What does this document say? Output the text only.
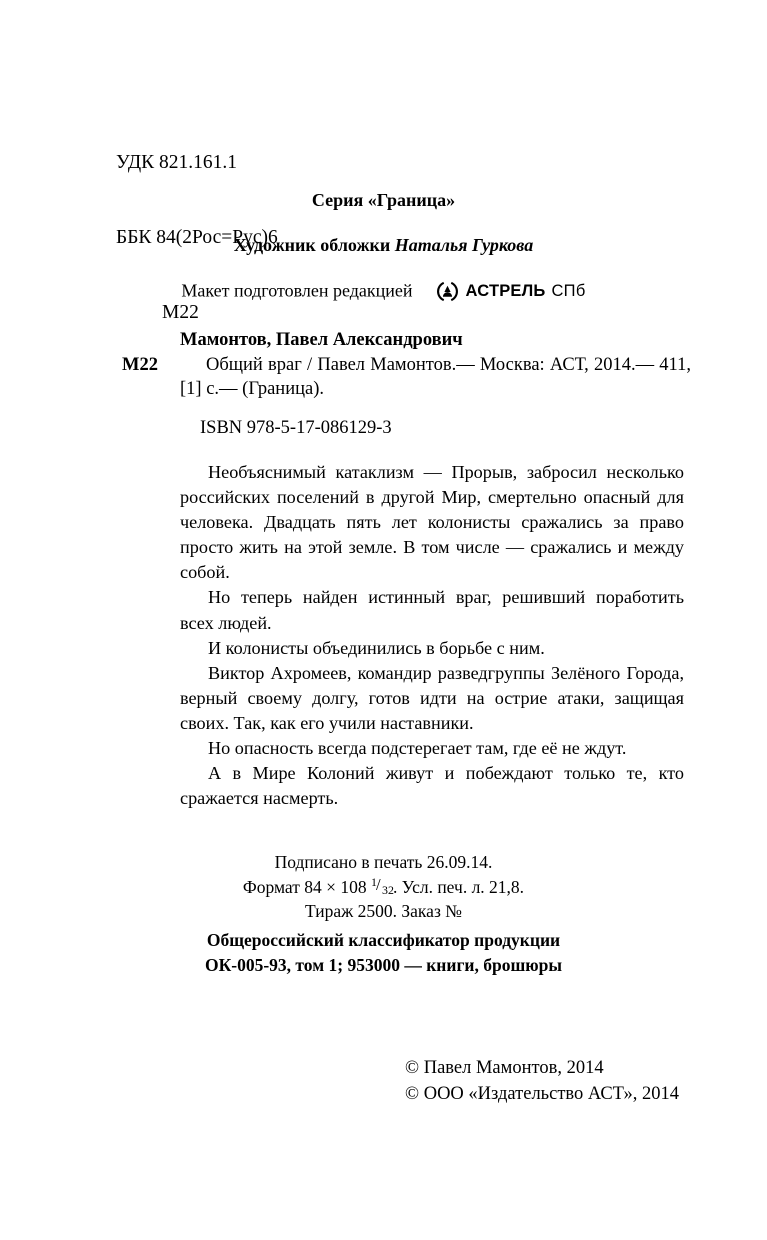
УДК 821.161.1

ББК 84(2Рос=Рус)6

М22

Серия «Граница»
Художник обложки Наталья Гуркова
Макет подготовлен редакцией	АСТРЕЛЬ СПб
М22
Мамонтов, Павел Александрович
Общий враг / Павел Мамонтов.— Москва: АСТ, 2014.— 411, [1] с.— (Граница).
ISBN 978-5-17-086129-3

Необъяснимый катаклизм — Прорыв, забросил несколько российских поселений в другой Мир, смертельно опасный для человека. Двадцать пять лет колонисты сражались за право просто жить на этой земле. В том числе — сражались и между собой.

Но теперь найден истинный враг, решивший поработить всех людей.

И колонисты объединились в борьбе с ним.

Виктор Ахромеев, командир разведгруппы Зелёного Города, верный своему долгу, готов идти на острие атаки, защищая своих. Так, как его учили наставники.

Но опасность всегда подстерегает там, где её не ждут.

А в Мире Колоний живут и побеждают только те, кто сражается насмерть.

Подписано в печать 26.09.14.
Формат 84 × 108 1 / 32 . Усл. печ. л. 21,8.
Тираж 2500. Заказ №
Общероссийский классификатор продукции
ОК-005-93, том 1; 953000 — книги, брошюры
© Павел Мамонтов, 2014
© ООО «Издательство АСТ», 2014
